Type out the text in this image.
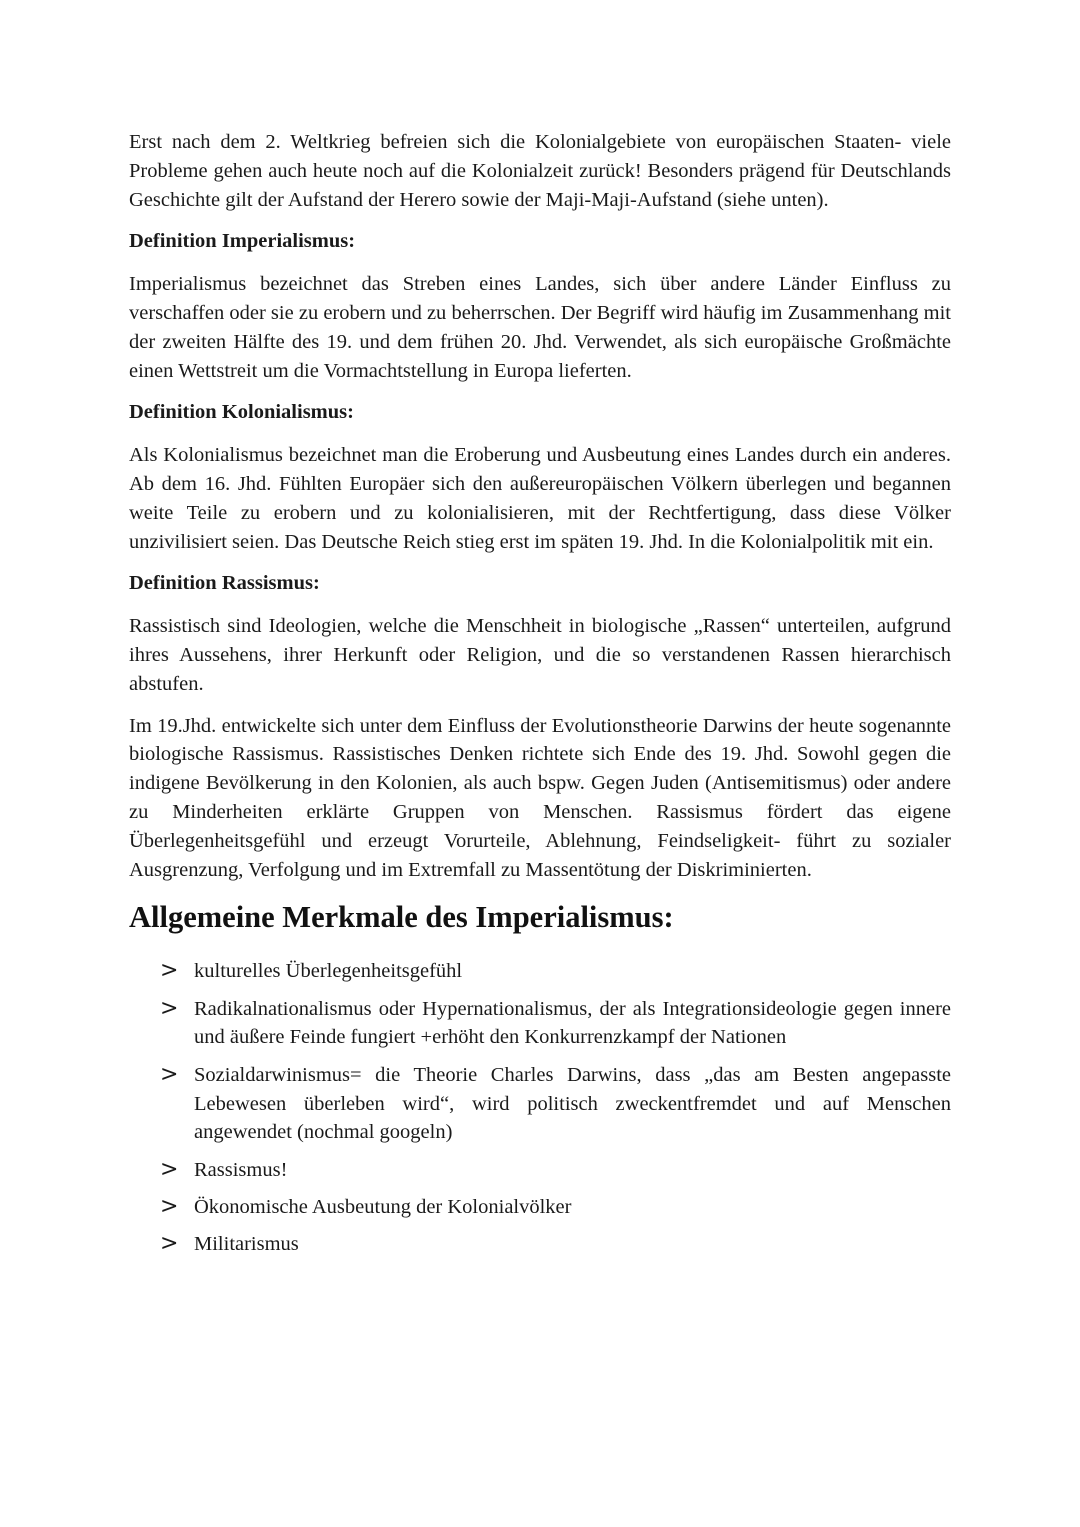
Erst nach dem 2. Weltkrieg befreien sich die Kolonialgebiete von europäischen Staaten- viele Probleme gehen auch heute noch auf die Kolonialzeit zurück! Besonders prägend für Deutschlands Geschichte gilt der Aufstand der Herero sowie der Maji-Maji-Aufstand (siehe unten).

Definition Imperialismus:

Imperialismus bezeichnet das Streben eines Landes, sich über andere Länder Einfluss zu verschaffen oder sie zu erobern und zu beherrschen. Der Begriff wird häufig im Zusammenhang mit der zweiten Hälfte des 19. und dem frühen 20. Jhd. Verwendet, als sich europäische Großmächte einen Wettstreit um die Vormachtstellung in Europa lieferten.

Definition Kolonialismus:

Als Kolonialismus bezeichnet man die Eroberung und Ausbeutung eines Landes durch ein anderes. Ab dem 16. Jhd. Fühlten Europäer sich den außereuropäischen Völkern überlegen und begannen weite Teile zu erobern und zu kolonialisieren, mit der Rechtfertigung, dass diese Völker unzivilisiert seien. Das Deutsche Reich stieg erst im späten 19. Jhd. In die Kolonialpolitik mit ein.

Definition Rassismus:

Rassistisch sind Ideologien, welche die Menschheit in biologische „Rassen“ unterteilen, aufgrund ihres Aussehens, ihrer Herkunft oder Religion, und die so verstandenen Rassen hierarchisch abstufen.

Im 19.Jhd. entwickelte sich unter dem Einfluss der Evolutionstheorie Darwins der heute sogenannte biologische Rassismus. Rassistisches Denken richtete sich Ende des 19. Jhd. Sowohl gegen die indigene Bevölkerung in den Kolonien, als auch bspw. Gegen Juden (Antisemitismus) oder andere zu Minderheiten erklärte Gruppen von Menschen. Rassismus fördert das eigene Überlegenheitsgefühl und erzeugt Vorurteile, Ablehnung, Feindseligkeit- führt zu sozialer Ausgrenzung, Verfolgung und im Extremfall zu Massentötung der Diskriminierten.

Allgemeine Merkmale des Imperialismus:
> kulturelles Überlegenheitsgefühl
> Radikalnationalismus oder Hypernationalismus, der als Integrationsideologie gegen innere und äußere Feinde fungiert +erhöht den Konkurrenzkampf der Nationen
> Sozialdarwinismus= die Theorie Charles Darwins, dass „das am Besten angepasste Lebewesen überleben wird“, wird politisch zweckentfremdet und auf Menschen angewendet (nochmal googeln)
> Rassismus!
> Ökonomische Ausbeutung der Kolonialvölker
> Militarismus
